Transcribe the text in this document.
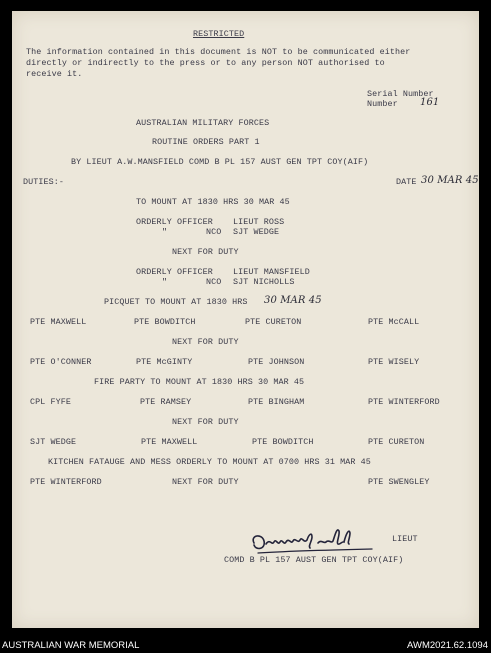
RESTRICTED
The information contained in this document is NOT to be communicated either
directly or indirectly to the press or to any person NOT authorised to
receive it.
Serial Number
Number 161
AUSTRALIAN MILITARY FORCES
ROUTINE ORDERS PART 1
BY LIEUT A.W.MANSFIELD COMD B PL 157 AUST GEN TPT COY(AIF)
DUTIES:-	DATE 30 MAR 45
TO MOUNT AT 1830 HRS 30 MAR 45
ORDERLY OFFICER LIEUT ROSS
"	NCO SJT WEDGE
NEXT FOR DUTY
ORDERLY OFFICER LIEUT MANSFIELD
"	NCO SJT NICHOLLS
PICQUET TO MOUNT AT 1830 HRS 30 MAR 45
PTE MAXWELL	PTE BOWDITCH	PTE CURETON	PTE McCALL
NEXT FOR DUTY
PTE O'CONNER	PTE McGINTY	PTE JOHNSON	PTE WISELY
FIRE PARTY TO MOUNT AT 1830 HRS 30 MAR 45
CPL FYFE	PTE RAMSEY	PTE BINGHAM	PTE WINTERFORD
NEXT FOR DUTY
SJT WEDGE	PTE MAXWELL	PTE BOWDITCH	PTE CURETON
KITCHEN FATAUGE AND MESS ORDERLY TO MOUNT AT 0700 HRS 31 MAR 45
PTE WINTERFORD	NEXT FOR DUTY	PTE SWENGLEY
LIEUT
COMD B PL 157 AUST GEN TPT COY(AIF)
AUSTRALIAN WAR MEMORIAL	AWM2021.62.1094
